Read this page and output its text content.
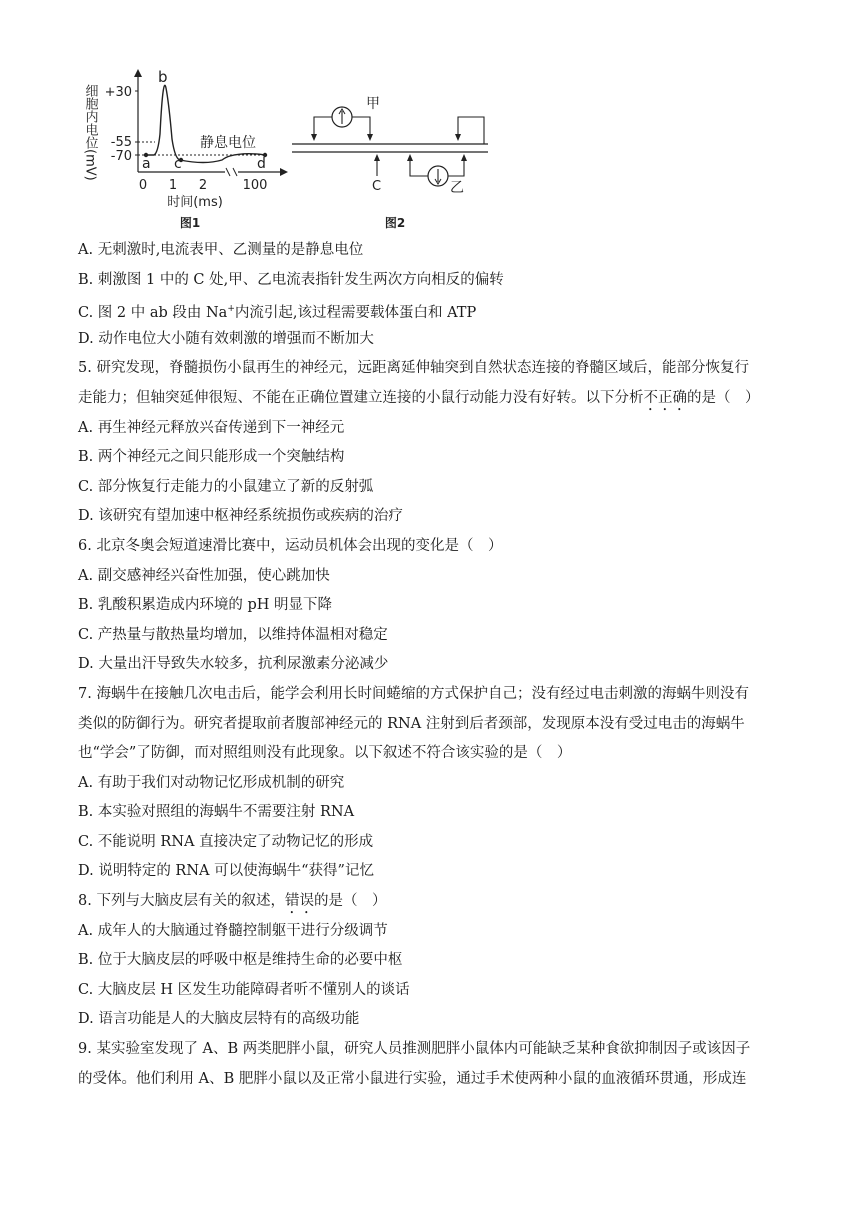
细胞内电位(mV) +30
-55
-70 a
b
c	d
静息电位
0 1 2	100
时间(ms)
图1
甲
C	乙
图2
A. 无刺激时,电流表甲、乙测量的是静息电位
B. 刺激图 1 中的 C 处,甲、乙电流表指针发生两次方向相反的偏转
C. 图 2 中 ab 段由 Na+内流引起,该过程需要载体蛋白和 ATP
D. 动作电位大小随有效刺激的增强而不断加大
5. 研究发现，脊髓损伤小鼠再生的神经元，远距离延伸轴突到自然状态连接的脊髓区域后，能部分恢复行
走能力；但轴突延伸很短、不能在正确位置建立连接的小鼠行动能力没有好转。以下分析不正确的是（　）
A. 再生神经元释放兴奋传递到下一神经元
B. 两个神经元之间只能形成一个突触结构
C. 部分恢复行走能力的小鼠建立了新的反射弧
D. 该研究有望加速中枢神经系统损伤或疾病的治疗
6. 北京冬奥会短道速滑比赛中，运动员机体会出现的变化是（　）
A. 副交感神经兴奋性加强，使心跳加快
B. 乳酸积累造成内环境的 pH 明显下降
C. 产热量与散热量均增加，以维持体温相对稳定
D. 大量出汗导致失水较多，抗利尿激素分泌减少
7. 海蜗牛在接触几次电击后，能学会利用长时间蜷缩的方式保护自己；没有经过电击刺激的海蜗牛则没有
类似的防御行为。研究者提取前者腹部神经元的 RNA 注射到后者颈部，发现原本没有受过电击的海蜗牛
也“学会”了防御，而对照组则没有此现象。以下叙述不符合该实验的是（　）
A. 有助于我们对动物记忆形成机制的研究
B. 本实验对照组的海蜗牛不需要注射 RNA
C. 不能说明 RNA 直接决定了动物记忆的形成
D. 说明特定的 RNA 可以使海蜗牛“获得”记忆
8. 下列与大脑皮层有关的叙述，错误的是（　）
A. 成年人的大脑通过脊髓控制躯干进行分级调节
B. 位于大脑皮层的呼吸中枢是维持生命的必要中枢
C. 大脑皮层 H 区发生功能障碍者听不懂别人的谈话
D. 语言功能是人的大脑皮层特有的高级功能
9. 某实验室发现了 A、B 两类肥胖小鼠，研究人员推测肥胖小鼠体内可能缺乏某种食欲抑制因子或该因子
的受体。他们利用 A、B 肥胖小鼠以及正常小鼠进行实验，通过手术使两种小鼠的血液循环贯通，形成连
